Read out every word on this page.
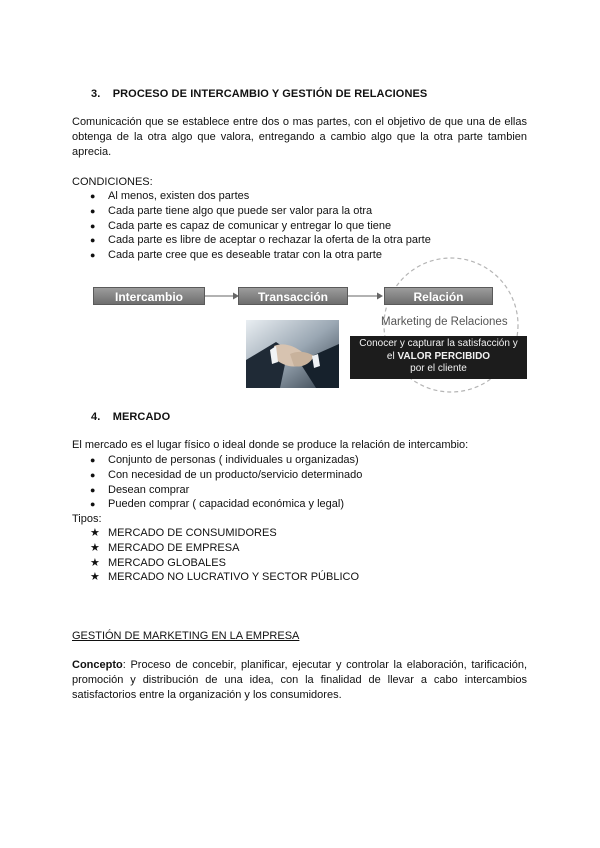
3. PROCESO DE INTERCAMBIO Y GESTIÓN DE RELACIONES
Comunicación que se establece entre dos o mas partes, con el objetivo de que una de ellas obtenga de la otra algo que valora, entregando a cambio algo que la otra parte tambien aprecia.
CONDICIONES:
● Al menos, existen dos partes
● Cada parte tiene algo que puede ser valor para la otra
● Cada parte es capaz de comunicar y entregar lo que tiene
● Cada parte es libre de aceptar o rechazar la oferta de la otra parte
● Cada parte cree que es deseable tratar con la otra parte
Intercambio	Transacción	Relación
Marketing de Relaciones
Conocer y capturar la satisfacción y
el VALOR PERCIBIDO
por el cliente
4. MERCADO
El mercado es el lugar físico o ideal donde se produce la relación de intercambio:
● Conjunto de personas ( individuales u organizadas)
● Con necesidad de un producto/servicio determinado
● Desean comprar
● Pueden comprar ( capacidad económica y legal)
Tipos:
★ MERCADO DE CONSUMIDORES
★ MERCADO DE EMPRESA
★ MERCADO GLOBALES
★ MERCADO NO LUCRATIVO Y SECTOR PÚBLICO
GESTIÓN DE MARKETING EN LA EMPRESA
Concepto: Proceso de concebir, planificar, ejecutar y controlar la elaboración, tarificación, promoción y distribución de una idea, con la finalidad de llevar a cabo intercambios satisfactorios entre la organización y los consumidores.
